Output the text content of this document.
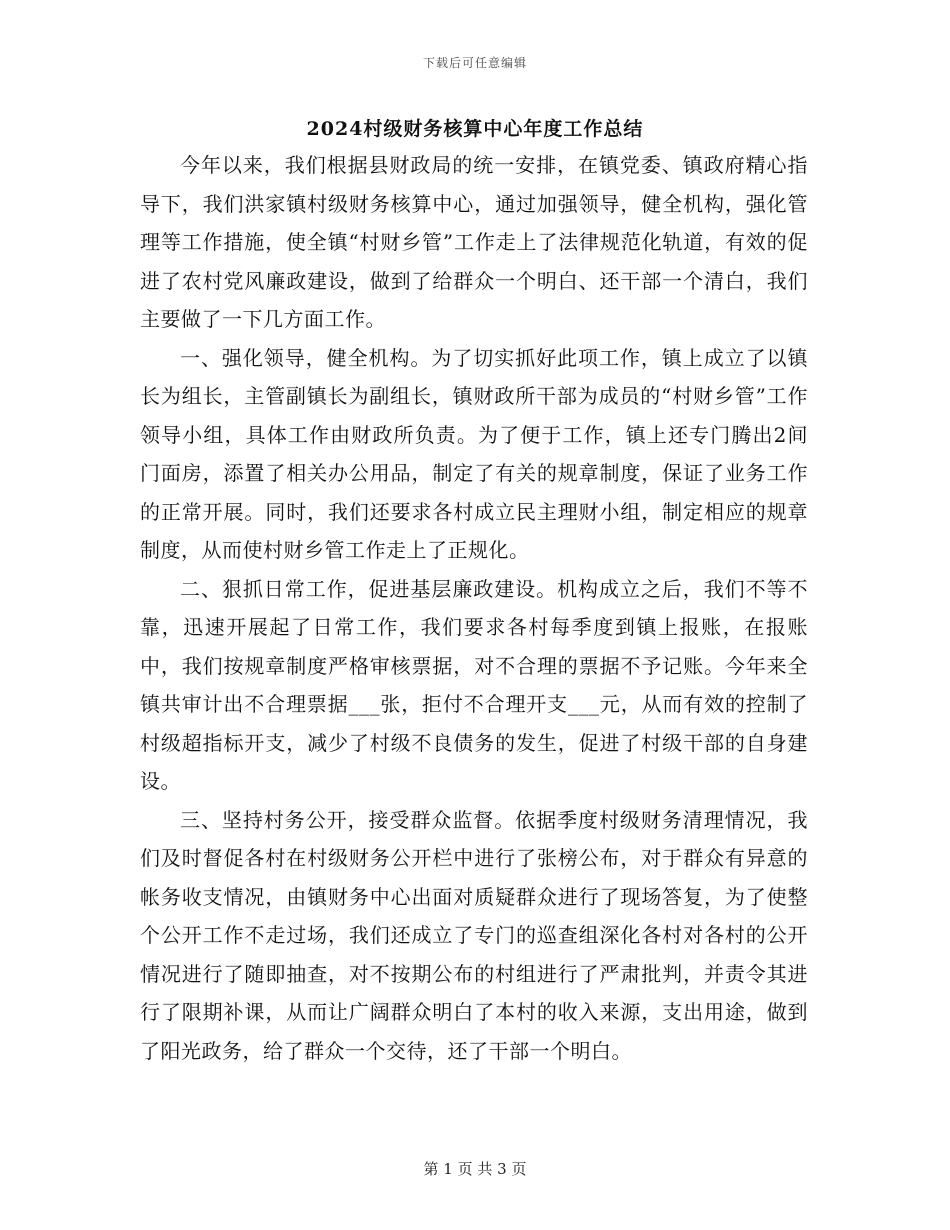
下载后可任意编辑
2024村级财务核算中心年度工作总结

今年以来，我们根据县财政局的统一安排，在镇党委、镇政府精心指导下，我们洪家镇村级财务核算中心，通过加强领导，健全机构，强化管理等工作措施，使全镇“村财乡管”工作走上了法律规范化轨道，有效的促进了农村党风廉政建设，做到了给群众一个明白、还干部一个清白，我们主要做了一下几方面工作。

一、强化领导，健全机构。为了切实抓好此项工作，镇上成立了以镇长为组长，主管副镇长为副组长，镇财政所干部为成员的“村财乡管”工作领导小组，具体工作由财政所负责。为了便于工作，镇上还专门腾出2间门面房，添置了相关办公用品，制定了有关的规章制度，保证了业务工作的正常开展。同时，我们还要求各村成立民主理财小组，制定相应的规章制度，从而使村财乡管工作走上了正规化。

二、狠抓日常工作，促进基层廉政建设。机构成立之后，我们不等不靠，迅速开展起了日常工作，我们要求各村每季度到镇上报账，在报账中，我们按规章制度严格审核票据，对不合理的票据不予记账。今年来全镇共审计出不合理票据___张，拒付不合理开支___元，从而有效的控制了村级超指标开支，减少了村级不良债务的发生，促进了村级干部的自身建设。

三、坚持村务公开，接受群众监督。依据季度村级财务清理情况，我们及时督促各村在村级财务公开栏中进行了张榜公布，对于群众有异意的帐务收支情况，由镇财务中心出面对质疑群众进行了现场答复，为了使整个公开工作不走过场，我们还成立了专门的巡查组深化各村对各村的公开情况进行了随即抽查，对不按期公布的村组进行了严肃批判，并责令其进行了限期补课，从而让广阔群众明白了本村的收入来源，支出用途，做到了阳光政务，给了群众一个交待，还了干部一个明白。

第 1 页 共 3 页
